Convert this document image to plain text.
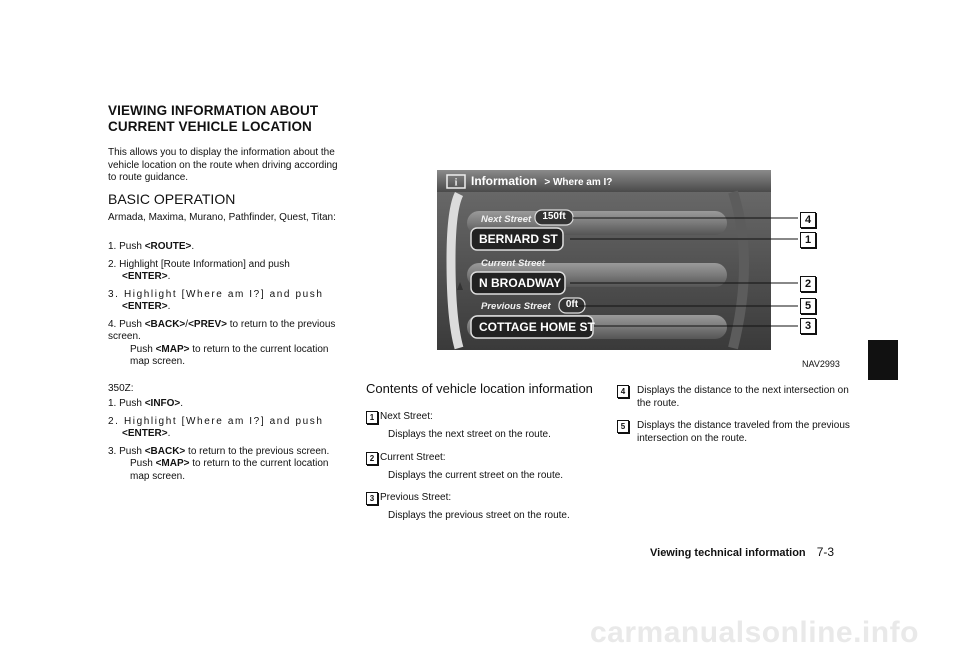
VIEWING INFORMATION ABOUT
CURRENT VEHICLE LOCATION
This allows you to display the information about the vehicle location on the route when driving according to route guidance.
BASIC OPERATION
Armada, Maxima, Murano, Pathfinder, Quest, Titan:
1. Push <ROUTE>.
2. Highlight [Route Information] and push
<ENTER>.
3. Highlight [Where am I?] and push
<ENTER>.
4. Push <BACK>/<PREV> to return to the previous screen.

Push <MAP> to return to the current location map screen.
350Z:
1. Push <INFO>.
2. Highlight [Where am I?] and push
<ENTER>.
3. Push <BACK> to return to the previous screen.
Push <MAP> to return to the current location map screen.
i Information > Where am I?
Next Street	150ft
BERNARD ST
Current Street
N BROADWAY
Previous Street	0ft
COTTAGE HOME ST
4
1
2
5
3
NAV2993
Contents of vehicle location information
1 Next Street:
Displays the next street on the route.
2 Current Street:
Displays the current street on the route.
3 Previous Street:
Displays the previous street on the route.
4	Displays the distance to the next intersection on the route.
5	Displays the distance traveled from the previous intersection on the route.
Viewing technical information 7-3
carmanualsonline.info
